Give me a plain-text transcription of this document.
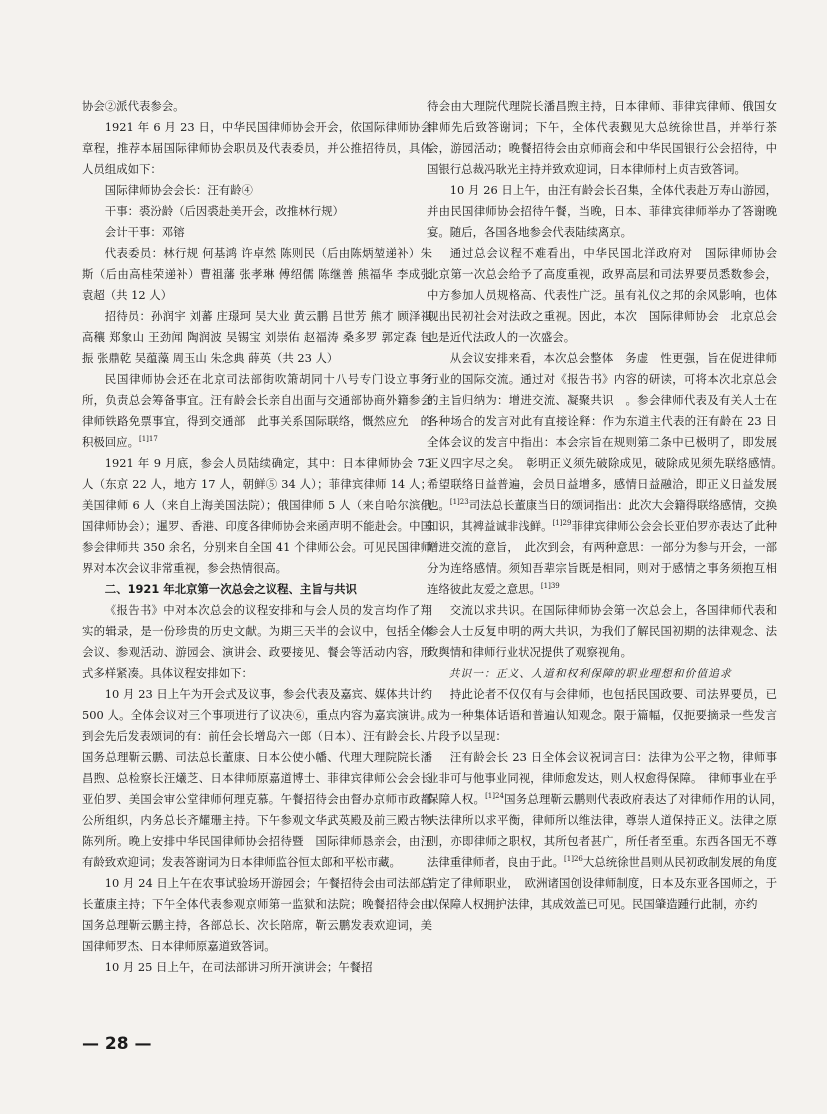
协会②派代表参会。

1921 年 6 月 23 日，中华民国律师协会开会，依国际律师协会章程，推荐本届国际律师协会职员及代表委员，并公推招待员，具体人员组成如下：

国际律师协会会长：汪有龄④

干事：裘汾龄（后因裘赴美开会，改推林行规）

会计干事：邓镕

代表委员：林行规 何基鸿 许卓然 陈则民（后由陈炳堃递补）朱斯（后由高桂荣递补）曹祖藩 张孝琳 傅绍儒 陈继善 熊福华 李成张 袁超（共 12 人）

招待员：孙润宇 刘蕃 庄璟珂 吴大业 黄云鹏 吕世芳 熊才 顾泽祺 高穰 郑象山 王劲闻 陶润波 吴锡宝 刘崇佑 赵福涛 桑多罗 郭定森 包振 张鼎乾 吴蕴藻 周玉山 朱念典 薛英（共 23 人）

民国律师协会还在北京司法部街吹箫胡同十八号专门设立事务所，负责总会筹备事宜。汪有龄会长亲自出面与交通部协商外籍参会律师铁路免票事宜，得到交通部　此事关系国际联络，慨然应允　的积极回应。$^{[1]17}$

1921 年 9 月底，参会人员陆续确定，其中：日本律师协会 73 人（东京 22 人，地方 17 人，朝鲜⑤ 34 人）；菲律宾律师 14 人；美国律师 6 人（来自上海美国法院）；俄国律师 5 人（来自哈尔滨俄国律师协会）；暹罗、香港、印度各律师协会来函声明不能赴会。中国参会律师共 350 余名，分别来自全国 41 个律师公会。可见民国律师界对本次会议非常重视，参会热情很高。

二、1921 年北京第一次总会之议程、主旨与共识

《报告书》中对本次总会的议程安排和与会人员的发言均作了翔实的辑录，是一份珍贵的历史文献。为期三天半的会议中，包括全体会议、参观活动、游园会、演讲会、政要接见、餐会等活动内容，形式多样紧凑。具体议程安排如下：

10 月 23 日上午为开会式及议事，参会代表及嘉宾、媒体共计约 500 人。全体会议对三个事项进行了议决⑥，重点内容为嘉宾演讲。到会先后发表颂词的有：前任会长增岛六一郎（日本）、汪有龄会长、国务总理靳云鹏、司法总长董康、日本公使小幡、代理大理院院长潘昌煦、总检察长汪爔芝、日本律师原嘉道博士、菲律宾律师公会会长亚伯罗、美国会审公堂律师何理克慕。午餐招待会由督办京师市政都公所组织，内务总长齐耀珊主持。下午参观文华武英殿及前三殿古物陈列所。晚上安排中华民国律师协会招待暨　国际律师恳亲会，由汪有龄致欢迎词；发表答谢词为日本律师监谷恒太郎和平松市藏。

10 月 24 日上午在农事试验场开游园会；午餐招待会由司法部总长董康主持；下午全体代表参观京师第一监狱和法院；晚餐招待会由国务总理靳云鹏主持，各部总长、次长陪席，靳云鹏发表欢迎词，美国律师罗杰、日本律师原嘉道致答词。

10 月 25 日上午，在司法部讲习所开演讲会；午餐招

待会由大理院代理院长潘昌煦主持，日本律师、菲律宾律师、俄国女律师先后致答谢词；下午，全体代表觐见大总统徐世昌，并举行茶会，游园活动；晚餐招待会由京师商会和中华民国银行公会招待，中国银行总裁冯耿光主持并致欢迎词，日本律师村上贞吉致答词。

10 月 26 日上午，由汪有龄会长召集，全体代表赴万寿山游园，并由民国律师协会招待午餐，当晚，日本、菲律宾律师举办了答谢晚宴。随后，各国各地参会代表陆续离京。

通过总会议程不难看出，中华民国北洋政府对　国际律师协会　北京第一次总会给予了高度重视，政界高层和司法界要员悉数参会，中方参加人员规格高、代表性广泛。虽有礼仪之邦的余风影响，也体现出民初社会对法政之重视。因此，本次　国际律师协会　北京总会也是近代法政人的一次盛会。

从会议安排来看，本次总会整体　务虚　性更强，旨在促进律师行业的国际交流。通过对《报告书》内容的研读，可将本次北京总会的主旨归纳为：增进交流、凝聚共识　。参会律师代表及有关人士在各种场合的发言对此有直接诠释：作为东道主代表的汪有龄在 23 日全体会议的发言中指出：本会宗旨在规则第二条中已极明了，即发展正义四字尽之矣。　彰明正义须先破除成见，破除成见须先联络感情。　希望联络日益普遍，会员日益增多，感情日益融洽，即正义日益发展也。$^{[1]23}$司法总长董康当日的颂词指出：此次大会籍得联络感情，交换知识，其裨益诚非浅鲜。$^{[1]29}$菲律宾律师公会会长亚伯罗亦表达了此种增进交流的意旨，　此次到会，有两种意思：一部分为参与开会，一部分为连络感情。须知吾辈宗旨既是相同，则对于感情之事务须抱互相连络彼此友爱之意思。$^{[1]39}$

交流以求共识。在国际律师协会第一次总会上，各国律师代表和参会人士反复申明的两大共识，为我们了解民国初期的法律观念、法政舆情和律师行业状况提供了观察视角。

共识一：正义、人道和权利保障的职业理想和价值追求

持此论者不仅仅有与会律师，也包括民国政要、司法界要员，已成为一种集体话语和普遍认知观念。限于篇幅，仅扼要摘录一些发言片段予以呈现：

汪有龄会长 23 日全体会议祝词言曰：法律为公平之物，律师事业非可与他事业同视，律师愈发达，则人权愈得保障。　律师事业在乎保障人权。$^{[1]24}$国务总理靳云鹏则代表政府表达了对律师作用的认同，　夫法律所以求平衡，律师所以维法律，尊崇人道保持正义。法律之原则，亦即律师之职权，其所包者甚广，所任者至重。东西各国无不尊法律重律师者，良由于此。$^{[1]26}$大总统徐世昌则从民初政制发展的角度肯定了律师职业，　欧洲诸国创设律师制度，日本及东亚各国师之，于以保障人权拥护法律，其成效盖已可见。民国肇造踵行此制，亦约

— 28 —
